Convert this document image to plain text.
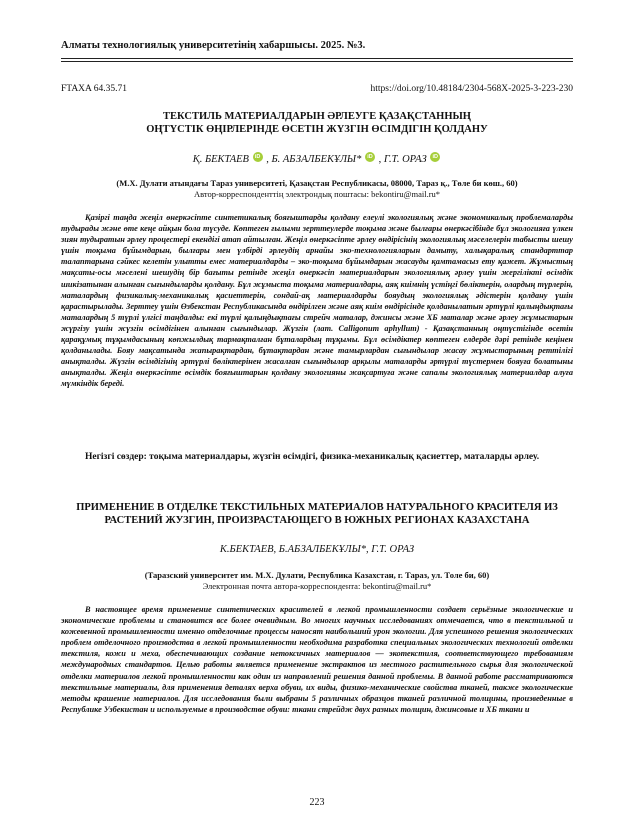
Алматы технологиялық университетінің хабаршысы. 2025. №3.
FTAXA 64.35.71	https://doi.org/10.48184/2304-568X-2025-3-223-230
ТЕКСТИЛЬ МАТЕРИАЛДАРЫН ӘРЛЕУГЕ ҚАЗАҚСТАННЫҢ
ОҢТҮСТІК ӨҢІРЛЕРІНДЕ ӨСЕТІН ЖҮЗГІН ӨСІМДІГІН ҚОЛДАНУ
Қ. БЕКТАЕВ iD , Б. АБЗАЛБЕКҰЛЫ* iD , Г.Т. ОРАЗ iD
(М.Х. Дулати атындағы Тараз университеті, Қазақстан Республикасы, 08000, Тараз қ., Төле би көш., 60)
Автор-корреспонденттің электрондық поштасы: bekontiru@mail.ru*

Қазіргі таңда жеңіл өнеркәсіпте синтетикалық бояғыштарды қолдану елеулі экологиялық және экономикалық проблемаларды тудырады және өте кеңе айқын бола түсуде. Көптеген ғылыми зерттеулерде тоқыма және былғары өнеркәсібінде бұл экологияға үлкен зиян тудыратын әрлеу процестері екендігі атап айтылған. Жеңіл өнеркәсіпте әрлеу өндірісінің экологиялық мәселелерін табысты шешу үшін тоқыма бұйымдарын, былғары мен үлбірді әрлеудің арнайы эко-технологияларын дамыту, халықаралық стандарттар талаптарына сәйкес келетін улытты емес материалдарды – эко-тоқыма бұйымдарын жасауды қамтамасыз ету қажет. Жұмыстың мақсаты-осы мәселені шешудің бір бағыты ретінде жеңіл өнеркәсіп материалдарын экологиялық әрлеу үшін жергілікті өсімдік шикізатынан алынған сығындыларды қолдану. Бұл жұмыста тоқыма материалдары, аяқ киімнің үстіңгі бөліктерін, олардың түрлерін, маталардың физикалық-механикалық қасиеттерін, сондай-ақ материалдарды бояудың экологиялық әдістерін қолдану үшін қарастырылады. Зерттеу үшін Өзбекстан Республикасында өндірілген және аяқ киім өндірісінде қолданылатын әртүрлі қалыңдықтағы маталардың 5 түрлі үлгісі таңдалды: екі түрлі қалыңдықтағы стрейч маталар, джинсы және ХБ маталар және әрлеу жұмыстарын жүргізу үшін жүзгін өсімдігінен алынған сығындылар. Жүзгін (лат. Calligonum aphyllum) - Қазақстанның оңтүстігінде өсетін қарақұмық тұқымдасының көпжылдық тармақталған бұталардың тұқымы. Бұл өсімдіктер көптеген елдерде дәрі ретінде кеңінен қолданылады. Бояу мақсатында жапырақтардан, бұтақтардан және тамырлардан сығындылар жасау жұмыстарының реттілігі анықталды. Жүзгін өсімдігінің әртүрлі бөліктерінен жасалған сығындылар арқылы маталарды әртүрлі түстермен бояуға болатыны анықталды. Жеңіл өнеркәсіпте өсімдік бояғыштарын қолдану экологияны жақсартуға және сапалы экологиялық материалдар алуға мүмкіндік береді.

Негізгі сөздер: тоқыма материалдары, жүзгін өсімдігі, физика-механикалық қасиеттер, маталарды әрлеу.

ПРИМЕНЕНИЕ В ОТДЕЛКЕ ТЕКСТИЛЬНЫХ МАТЕРИАЛОВ НАТУРАЛЬНОГО КРАСИТЕЛЯ ИЗ
РАСТЕНИЙ ЖУЗГИН, ПРОИЗРАСТАЮЩЕГО В ЮЖНЫХ РЕГИОНАХ КАЗАХСТАНА
К.БЕКТАЕВ, Б.АБЗАЛБЕКҰЛЫ*, Г.Т. ОРАЗ
(Таразский университет им. М.Х. Дулати, Республика Казахстан, г. Тараз, ул. Толе би, 60)
Электронная почта автора-корреспондента: bekontiru@mail.ru*

В настоящее время применение синтетических красителей в легкой промышленности создает серьёзные экологические и экономические проблемы и становится все более очевидным. Во многих научных исследованиях отмечается, что в текстильной и кожевенной промышленности именно отделочные процессы наносят наибольший урон экологии. Для успешного решения экологических проблем отделочного производства в легкой промышленности необходима разработка специальных экологических технологий отделки текстиля, кожи и меха, обеспечивающих создание нетоксичных материалов — экотекстиля, соответствующего требованиям международных стандартов. Целью работы является применение экстрактов из местного растительного сырья для экологической отделки материалов легкой промышленности как один из направлений решения данной проблемы. В данной работе рассматриваются текстильные материалы, для применения деталях верха обуви, их виды, физико-механические свойства тканей, также экологические методы крашение материалов. Для исследования были выбраны 5 различных образцов тканей различной толщины, произведенные в Республике Узбекистан и используемые в производстве обуви: ткани стрейдж двух разных толщин, джинсовые и ХБ ткани и

223
